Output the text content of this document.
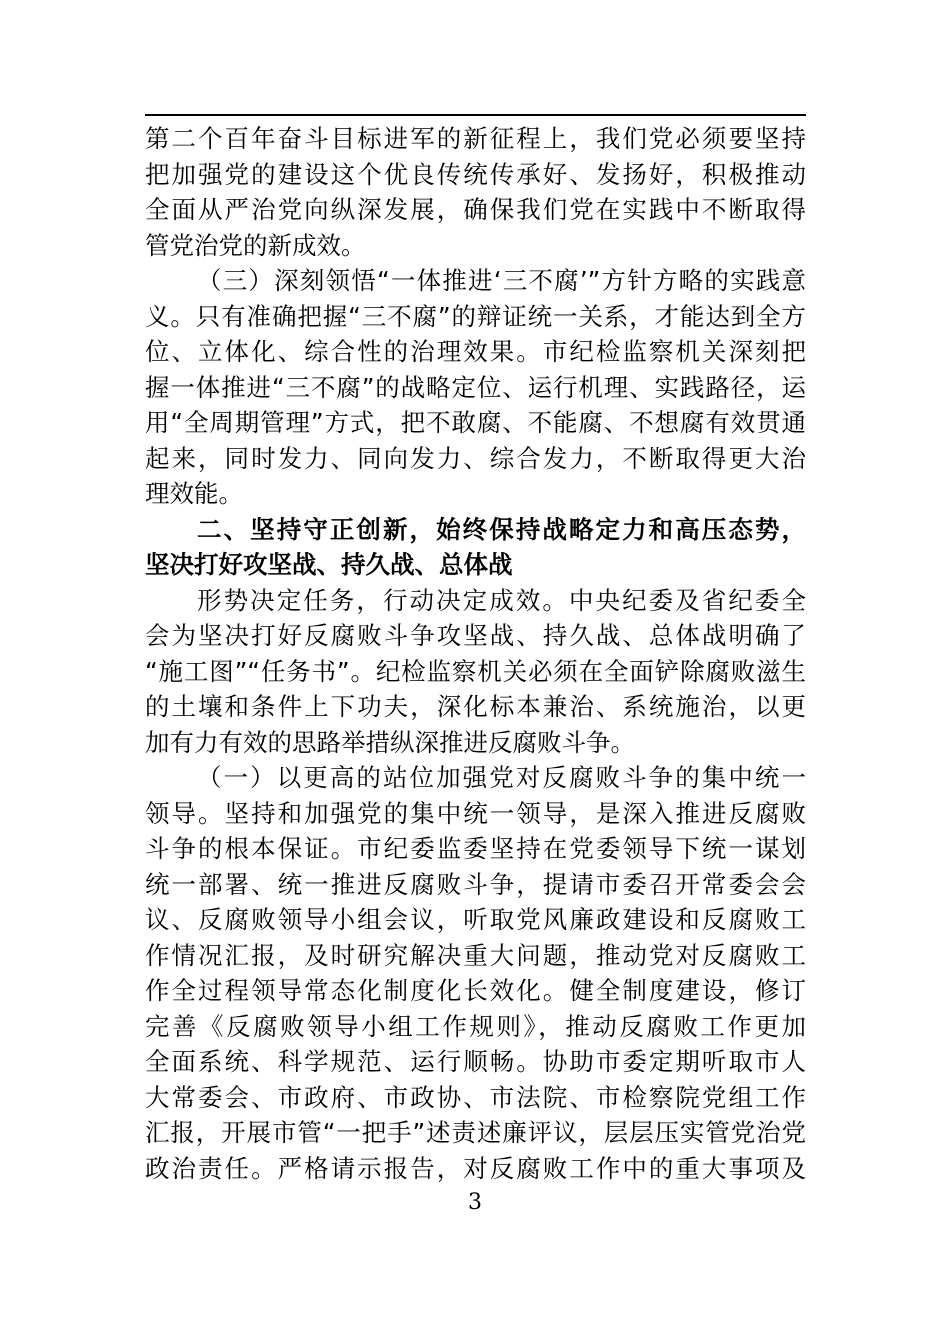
第二个百年奋斗目标进军的新征程上，我们党必须要坚持
把加强党的建设这个优良传统传承好、发扬好，积极推动
全面从严治党向纵深发展，确保我们党在实践中不断取得
管党治党的新成效。
（三）深刻领悟“一体推进‘三不腐’”方针方略的实践意
义。只有准确把握“三不腐”的辩证统一关系，才能达到全方
位、立体化、综合性的治理效果。市纪检监察机关深刻把
握一体推进“三不腐”的战略定位、运行机理、实践路径，运
用“全周期管理”方式，把不敢腐、不能腐、不想腐有效贯通
起来，同时发力、同向发力、综合发力，不断取得更大治
理效能。
二、坚持守正创新，始终保持战略定力和高压态势，
坚决打好攻坚战、持久战、总体战
形势决定任务，行动决定成效。中央纪委及省纪委全
会为坚决打好反腐败斗争攻坚战、持久战、总体战明确了
“施工图”“任务书”。纪检监察机关必须在全面铲除腐败滋生
的土壤和条件上下功夫，深化标本兼治、系统施治，以更
加有力有效的思路举措纵深推进反腐败斗争。
（一）以更高的站位加强党对反腐败斗争的集中统一
领导。坚持和加强党的集中统一领导，是深入推进反腐败
斗争的根本保证。市纪委监委坚持在党委领导下统一谋划
统一部署、统一推进反腐败斗争，提请市委召开常委会会
议、反腐败领导小组会议，听取党风廉政建设和反腐败工
作情况汇报，及时研究解决重大问题，推动党对反腐败工
作全过程领导常态化制度化长效化。健全制度建设，修订
完善《反腐败领导小组工作规则》，推动反腐败工作更加
全面系统、科学规范、运行顺畅。协助市委定期听取市人
大常委会、市政府、市政协、市法院、市检察院党组工作
汇报，开展市管“一把手”述责述廉评议，层层压实管党治党
政治责任。严格请示报告，对反腐败工作中的重大事项及
3
